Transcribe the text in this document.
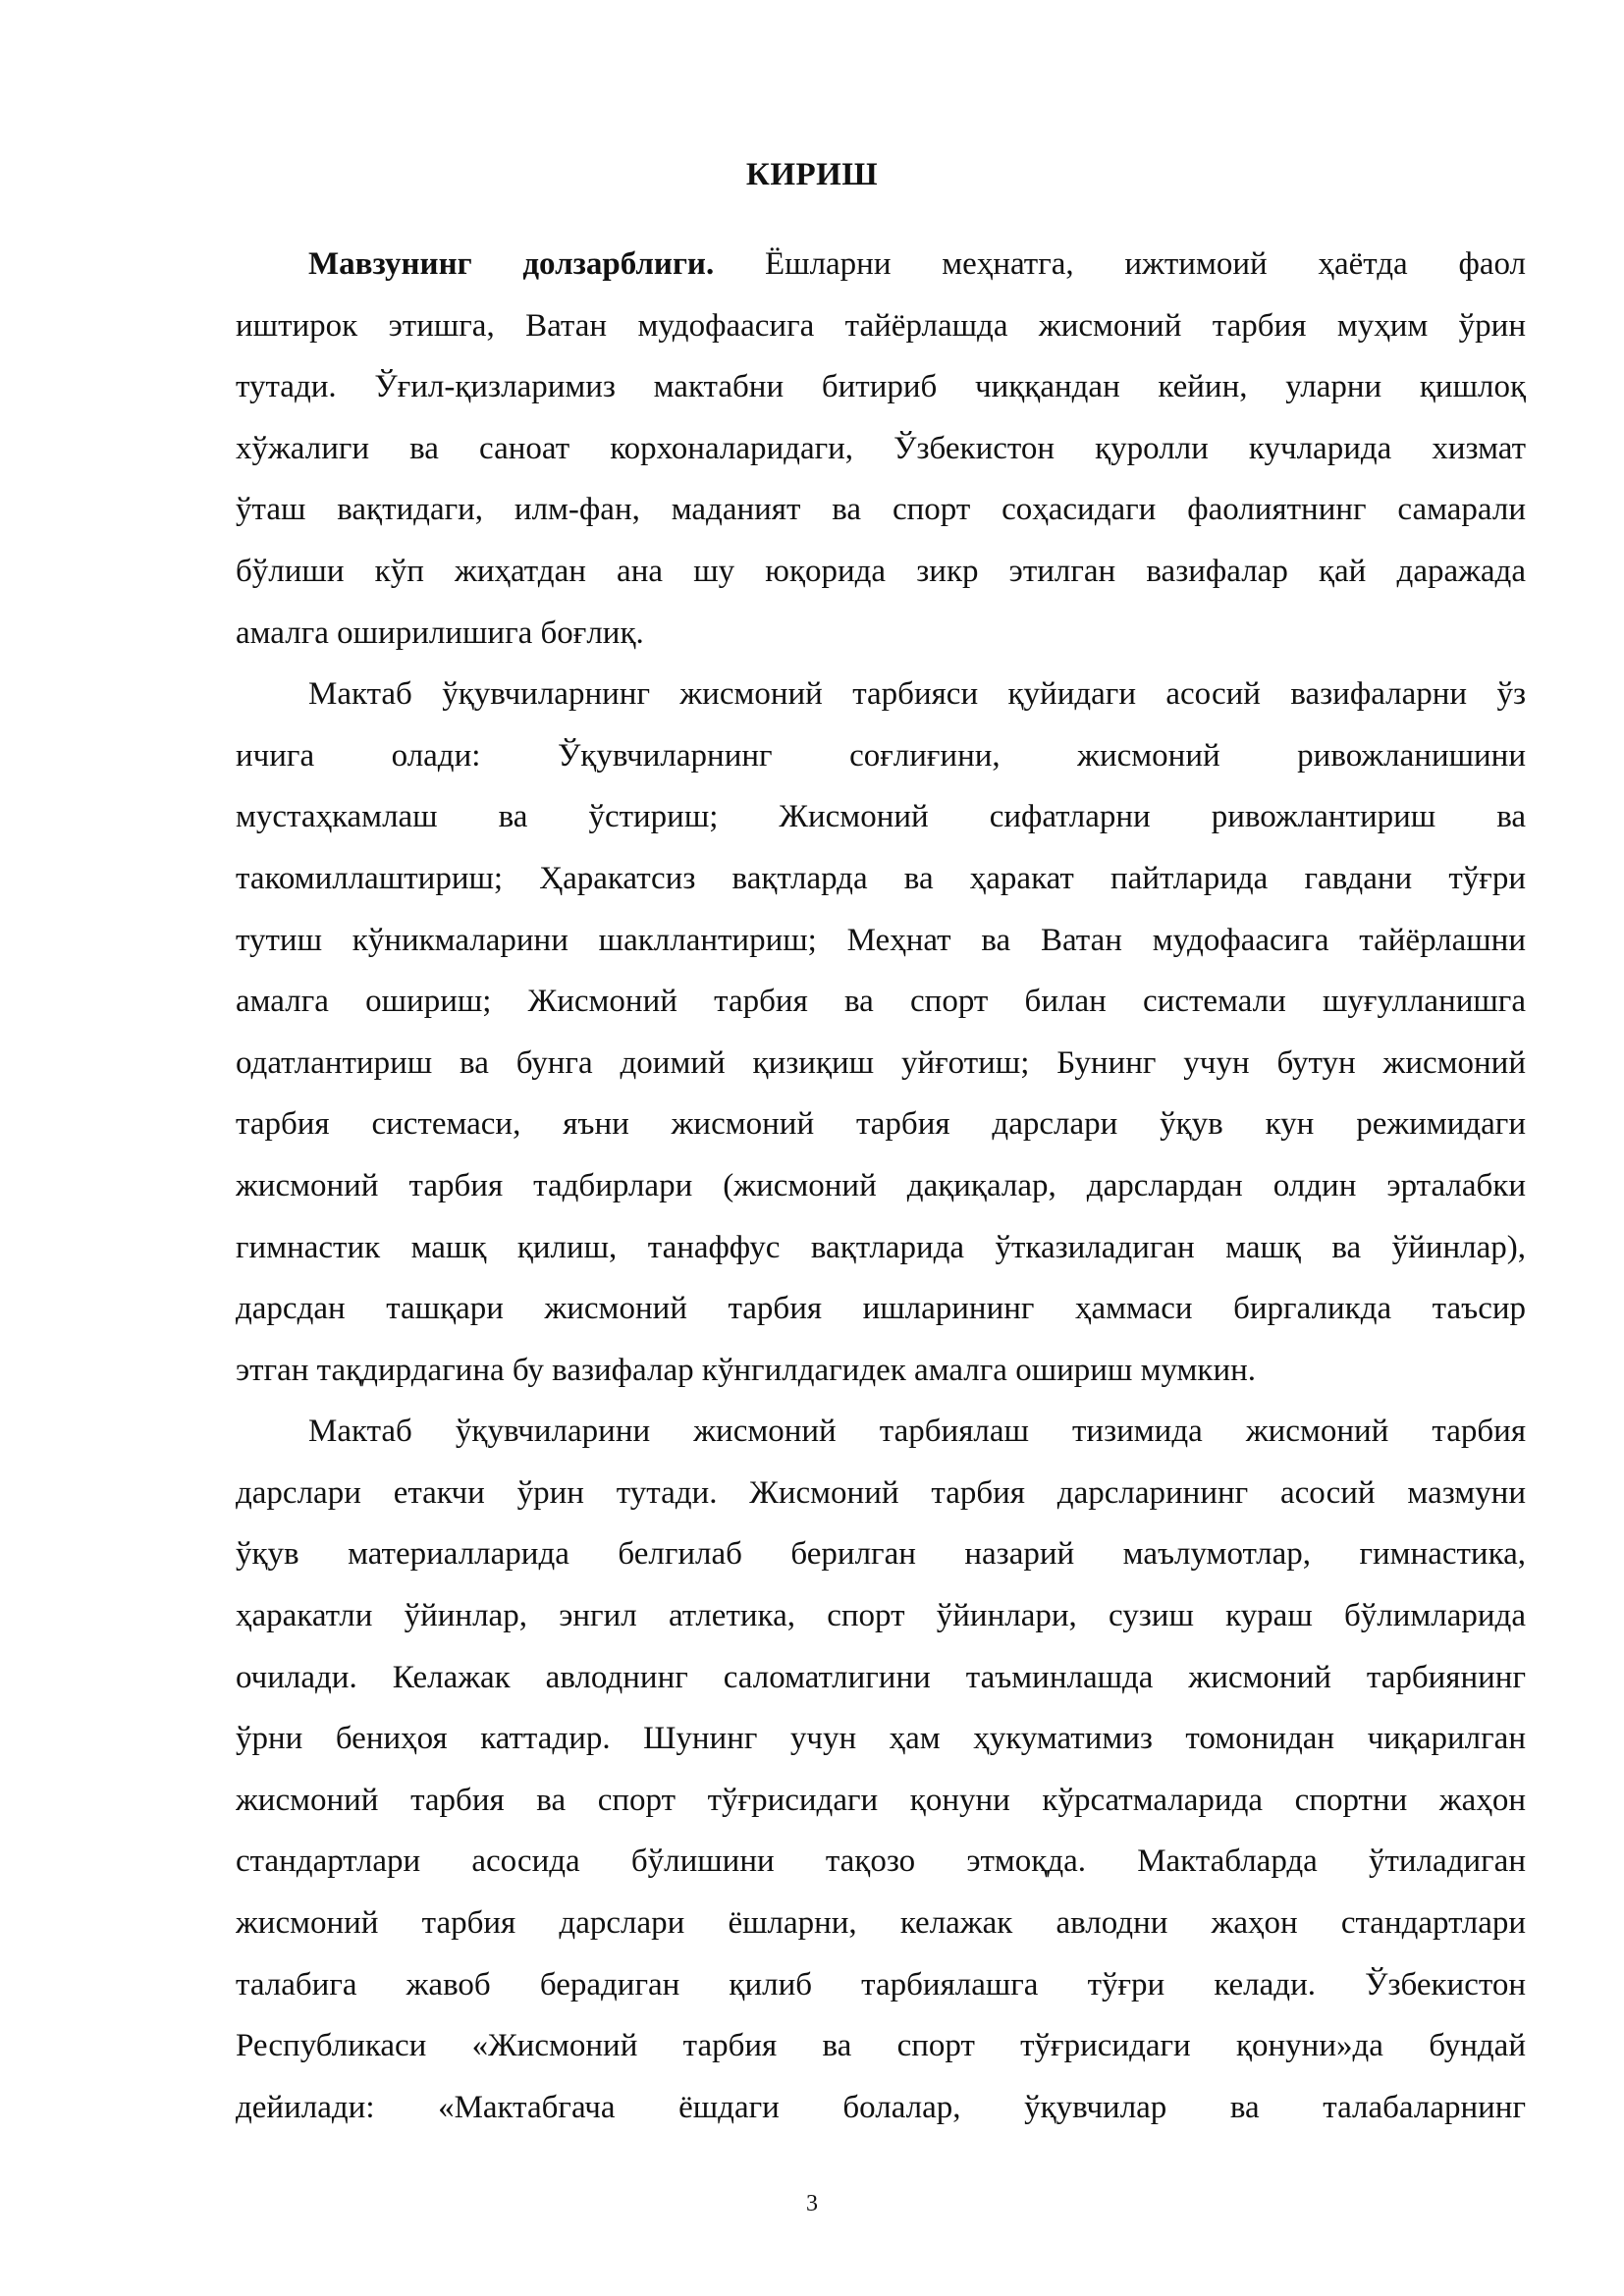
КИРИШ
Мавзунинг долзарблиги. Ёшларни меҳнатга, ижтимоий ҳаётда фаол
иштирок этишга, Ватан мудофаасига тайёрлашда жисмоний тарбия муҳим ўрин
тутади. Ўғил-қизларимиз мактабни битириб чиққандан кейин, уларни қишлоқ
хўжалиги ва саноат корхоналаридаги, Ўзбекистон қуролли кучларида хизмат
ўташ вақтидаги, илм-фан, маданият ва спорт соҳасидаги фаолиятнинг самарали
бўлиши кўп жиҳатдан ана шу юқорида зикр этилган вазифалар қай даражада
амалга оширилишига боғлиқ.
Мактаб ўқувчиларнинг жисмоний тарбияси қуйидаги асосий вазифаларни ўз
ичига олади: Ўқувчиларнинг соғлиғини, жисмоний ривожланишини
мустаҳкамлаш ва ўстириш; Жисмоний сифатларни ривожлантириш ва
такомиллаштириш; Ҳаракатсиз вақтларда ва ҳаракат пайтларида гавдани тўғри
тутиш кўникмаларини шакллантириш; Меҳнат ва Ватан мудофаасига тайёрлашни
амалга ошириш; Жисмоний тарбия ва спорт билан системали шуғулланишга
одатлантириш ва бунга доимий қизиқиш уйғотиш; Бунинг учун бутун жисмоний
тарбия системаси, яъни жисмоний тарбия дарслари ўқув кун режимидаги
жисмоний тарбия тадбирлари (жисмоний дақиқалар, дарслардан олдин эрталабки
гимнастик машқ қилиш, танаффус вақтларида ўтказиладиган машқ ва ўйинлар),
дарсдан ташқари жисмоний тарбия ишларининг ҳаммаси биргаликда таъсир
этган тақдирдагина бу вазифалар кўнгилдагидек амалга ошириш мумкин.
Мактаб ўқувчиларини жисмоний тарбиялаш тизимида жисмоний тарбия
дарслари етакчи ўрин тутади. Жисмоний тарбия дарсларининг асосий мазмуни
ўқув материалларида белгилаб берилган назарий маълумотлар, гимнастика,
ҳаракатли ўйинлар, энгил атлетика, спорт ўйинлари, сузиш кураш бўлимларида
очилади. Келажак авлоднинг саломатлигини таъминлашда жисмоний тарбиянинг
ўрни бениҳоя каттадир. Шунинг учун ҳам ҳукуматимиз томонидан чиқарилган
жисмоний тарбия ва спорт тўғрисидаги қонуни кўрсатмаларида спортни жаҳон
стандартлари асосида бўлишини тақозо этмоқда. Мактабларда ўтиладиган
жисмоний тарбия дарслари ёшларни, келажак авлодни жаҳон стандартлари
талабига жавоб берадиган қилиб тарбиялашга тўғри келади. Ўзбекистон
Республикаси «Жисмоний тарбия ва спорт тўғрисидаги қонуни»да бундай
дейилади: «Мактабгача ёшдаги болалар, ўқувчилар ва талабаларнинг
3
